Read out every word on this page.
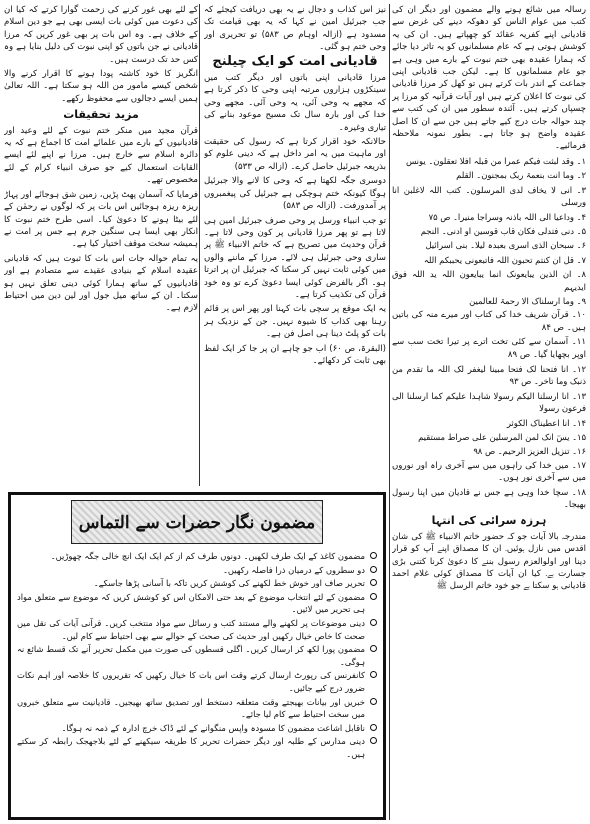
رسالہ میں شائع ہونے والے مضمون اور دیگر ان کی کتب میں عوام الناس کو دھوکہ دینے کی غرض سے قادیانی اپنے کفریہ عقائد کو چھپاتے ہیں۔ ان کی یہ کوشش ہوتی ہے کہ عام مسلمانوں کو یہ تاثر دیا جائے کہ ہمارا عقیدہ بھی ختم نبوت کے بارے میں وہی ہے جو عام مسلمانوں کا ہے۔ لیکن جب قادیانی اپنی جماعت کے اندر بات کرتے ہیں تو کھل کر مرزا قادیانی کی نبوت کا اعلان کرتے ہیں اور آیات قرآنیہ کو مرزا پر چسپاں کرتے ہیں۔ آئندہ سطور میں ان کی کتب سے چند حوالہ جات درج کیے جاتے ہیں جن سے ان کا اصل عقیدہ واضح ہو جاتا ہے۔ بطور نمونہ ملاحظہ فرمائیے۔

۱۔ وقد لبثت فیکم عمرا من قبلہ افلا تعقلون۔ یونس

۲۔ وما انت بنعمۃ ربک بمجنون۔ القلم

۳۔ انی لا یخاف لدی المرسلون۔ کتب اللہ لاغلبن انا ورسلی

۴۔ وداعیا الی اللہ باذنہ وسراجا منیرا۔ ص ۷۵

۵۔ دنی فتدلی فکان قاب قوسین او ادنی۔ النجم

۶۔ سبحان الذی اسری بعبدہ لیلا۔ بنی اسرائیل

۷۔ قل ان کنتم تحبون اللہ فاتبعونی یحببکم اللہ

۸۔ ان الذین یبایعونک انما یبایعون اللہ ید اللہ فوق ایدیہم

۹۔ وما ارسلناک الا رحمۃ للعالمین

۱۰۔ قرآن شریف خدا کی کتاب اور میرے منہ کی باتیں ہیں۔ ص ۸۴

۱۱۔ آسمان سے کئی تخت اترے پر تیرا تخت سب سے اوپر بچھایا گیا۔ ص ۸۹

۱۲۔ انا فتحنا لک فتحا مبینا لیغفر لک اللہ ما تقدم من ذنبک وما تاخر۔ ص ۹۳

۱۳۔ انا ارسلنا الیکم رسولا شاہدا علیکم کما ارسلنا الی فرعون رسولا

۱۴۔ انا اعطیناک الکوثر

۱۵۔ یسٓ انک لمن المرسلین علی صراط مستقیم

۱۶۔ تنزیل العزیز الرحیم۔ ص ۹۸

۱۷۔ میں خدا کی راہوں میں سے آخری راہ اور نوروں میں سے آخری نور ہوں۔

۱۸۔ سچا خدا وہی ہے جس نے قادیان میں اپنا رسول بھیجا۔

ہرزہ سرائی کی انتہا

مندرجہ بالا آیات جو کہ حضور خاتم الانبیاء ﷺ کی شان اقدس میں نازل ہوئیں۔ ان کا مصداق اپنے آپ کو قرار دینا اور اولوالعزم رسول بننے کا دعویٰ کرنا کتنی بڑی جسارت ہے۔ کیا ان آیات کا مصداق کوئی غلام احمد قادیانی ہو سکتا ہے جو خود خاتم الرسل ﷺ

نیز اس کذاب و دجال نے یہ بھی دریافت کیجئے کہ جب جبرئیل امین نے کہا کہ یہ بھی قیامت تک مسدود ہے (ازالہ اوہام ص ۵۸۳) تو تحریری اور وحی ختم ہو گئی۔

قادیانی امت کو ایک چیلنج

مرزا قادیانی اپنی باتوں اور دیگر کتب میں سینکڑوں ہزاروں مرتبہ اپنی وحی کا ذکر کرتا ہے کہ مجھے یہ وحی آئی، یہ وحی آئی۔ مجھے وحی خدا کی اور بارہ سال تک مسیح موعود بنانے کی تیاری وغیرہ۔

حالانکہ خود اقرار کرتا ہے کہ رسول کی حقیقت اور ماہیت میں یہ امر داخل ہے کہ دینی علوم کو بذریعہ جبرئیل حاصل کرے۔ (ازالہ ص ۵۳۳)

دوسری جگہ لکھتا ہے کہ وحی کا لانے والا جبرئیل ہوگا کیونکہ ختم ہوچکی ہے جبرئیل کی پیغمبروں پر آمدورفت۔ (ازالہ ص ۵۸۳)

تو جب انبیاء ورسل پر وحی صرف جبرئیل امین ہی لاتا ہے تو پھر مرزا قادیانی پر کون وحی لاتا ہے۔ قرآن وحدیث میں تصریح ہے کہ خاتم الانبیاء ﷺ پر ساری وحی جبرئیل ہی لائے۔ مرزا کے ماننے والوں میں کوئی ثابت نہیں کر سکتا کہ جبرئیل ان پر اترتا ہو۔ اگر بالفرض کوئی ایسا دعویٰ کرے تو وہ خود قرآن کی تکذیب کرتا ہے۔

یہ ایک موقع پر سچی بات کہنا اور پھر اس پر قائم رہنا بھی کذاب کا شیوہ نہیں۔ جن کے نزدیک ہر بات کو پلٹ دینا ہی اصل فن ہے۔

(البقرۃ، ص ۶۰) اب جو چاہے ان پر جا کر ایک لفظ بھی ثابت کر دکھائے۔

کے لئے بھی غور کرنے کی زحمت گوارا کرتے کہ کیا ان کی دعوت میں کوئی بات ایسی بھی ہے جو دین اسلام کے خلاف ہے۔ وہ اس بات پر بھی غور کریں کہ مرزا قادیانی نے جن باتوں کو اپنی نبوت کی دلیل بنایا ہے وہ کس حد تک درست ہیں۔

انگریز کا خود کاشتہ پودا ہونے کا اقرار کرنے والا شخص کیسے مامور من اللہ ہو سکتا ہے۔ اللہ تعالیٰ ہمیں ایسے دجالوں سے محفوظ رکھے۔

مزید تحقیقات

قرآن مجید میں منکر ختم نبوت کے لئے وعید اور قادیانیوں کے بارے میں علمائے امت کا اجماع ہے کہ یہ دائرہ اسلام سے خارج ہیں۔ مرزا نے اپنے لئے ایسے القابات استعمال کیے جو صرف انبیاء کرام کے لئے مخصوص تھے۔

فرمایا کہ آسمان پھٹ پڑیں، زمین شق ہوجائے اور پہاڑ ریزہ ریزہ ہوجائیں اس بات پر کہ لوگوں نے رحمٰن کے لئے بیٹا ہونے کا دعویٰ کیا۔ اسی طرح ختم نبوت کا انکار بھی ایسا ہی سنگین جرم ہے جس پر امت نے ہمیشہ سخت موقف اختیار کیا ہے۔

یہ تمام حوالہ جات اس بات کا ثبوت ہیں کہ قادیانی عقیدہ اسلام کے بنیادی عقیدے سے متصادم ہے اور قادیانیوں کے ساتھ ہمارا کوئی دینی تعلق نہیں ہو سکتا۔ ان کے ساتھ میل جول اور لین دین میں احتیاط لازم ہے۔

مضمون نگار حضرات سے التماس
مضمون کاغذ کے ایک طرف لکھیں۔ دونوں طرف کم از کم ایک ایک انچ خالی جگہ چھوڑیں۔
دو سطروں کے درمیان ذرا فاصلہ رکھیں۔
تحریر صاف اور خوش خط لکھنے کی کوشش کریں تاکہ با آسانی پڑھا جاسکے۔
مضمون کے لئے انتخاب موضوع کے بعد حتی الامکان اس کو کوشش کریں کہ موضوع سے متعلق مواد ہی تحریر میں لائیں۔
دینی موضوعات پر لکھنے والے مستند کتب و رسائل سے مواد منتخب کریں۔ قرآنی آیات کی نقل میں صحت کا خاص خیال رکھیں اور حدیث کی صحت کے حوالے سے بھی احتیاط سے کام لیں۔
مضمون پورا لکھ کر ارسال کریں۔ اگلی قسطوں کی صورت میں مکمل تحریر آنے تک قسط شائع نہ ہوگی۔
کانفرنس کی رپورٹ ارسال کرتے وقت اس بات کا خیال رکھیں کہ تقریروں کا خلاصہ اور اہم نکات ضرور درج کیے جائیں۔
خبریں اور بیانات بھیجتے وقت متعلقہ دستخط اور تصدیق ساتھ بھیجیں۔ قادیانیت سے متعلق خبروں میں سخت احتیاط سے کام لیا جائے۔
ناقابل اشاعت مضمون کا مسودہ واپس منگوانے کے لئے ڈاک خرچ ادارہ کے ذمہ نہ ہوگا۔
دینی مدارس کے طلبہ اور دیگر حضرات تحریر کا طریقہ سیکھنے کے لئے بلاجھجک رابطہ کر سکتے ہیں۔
